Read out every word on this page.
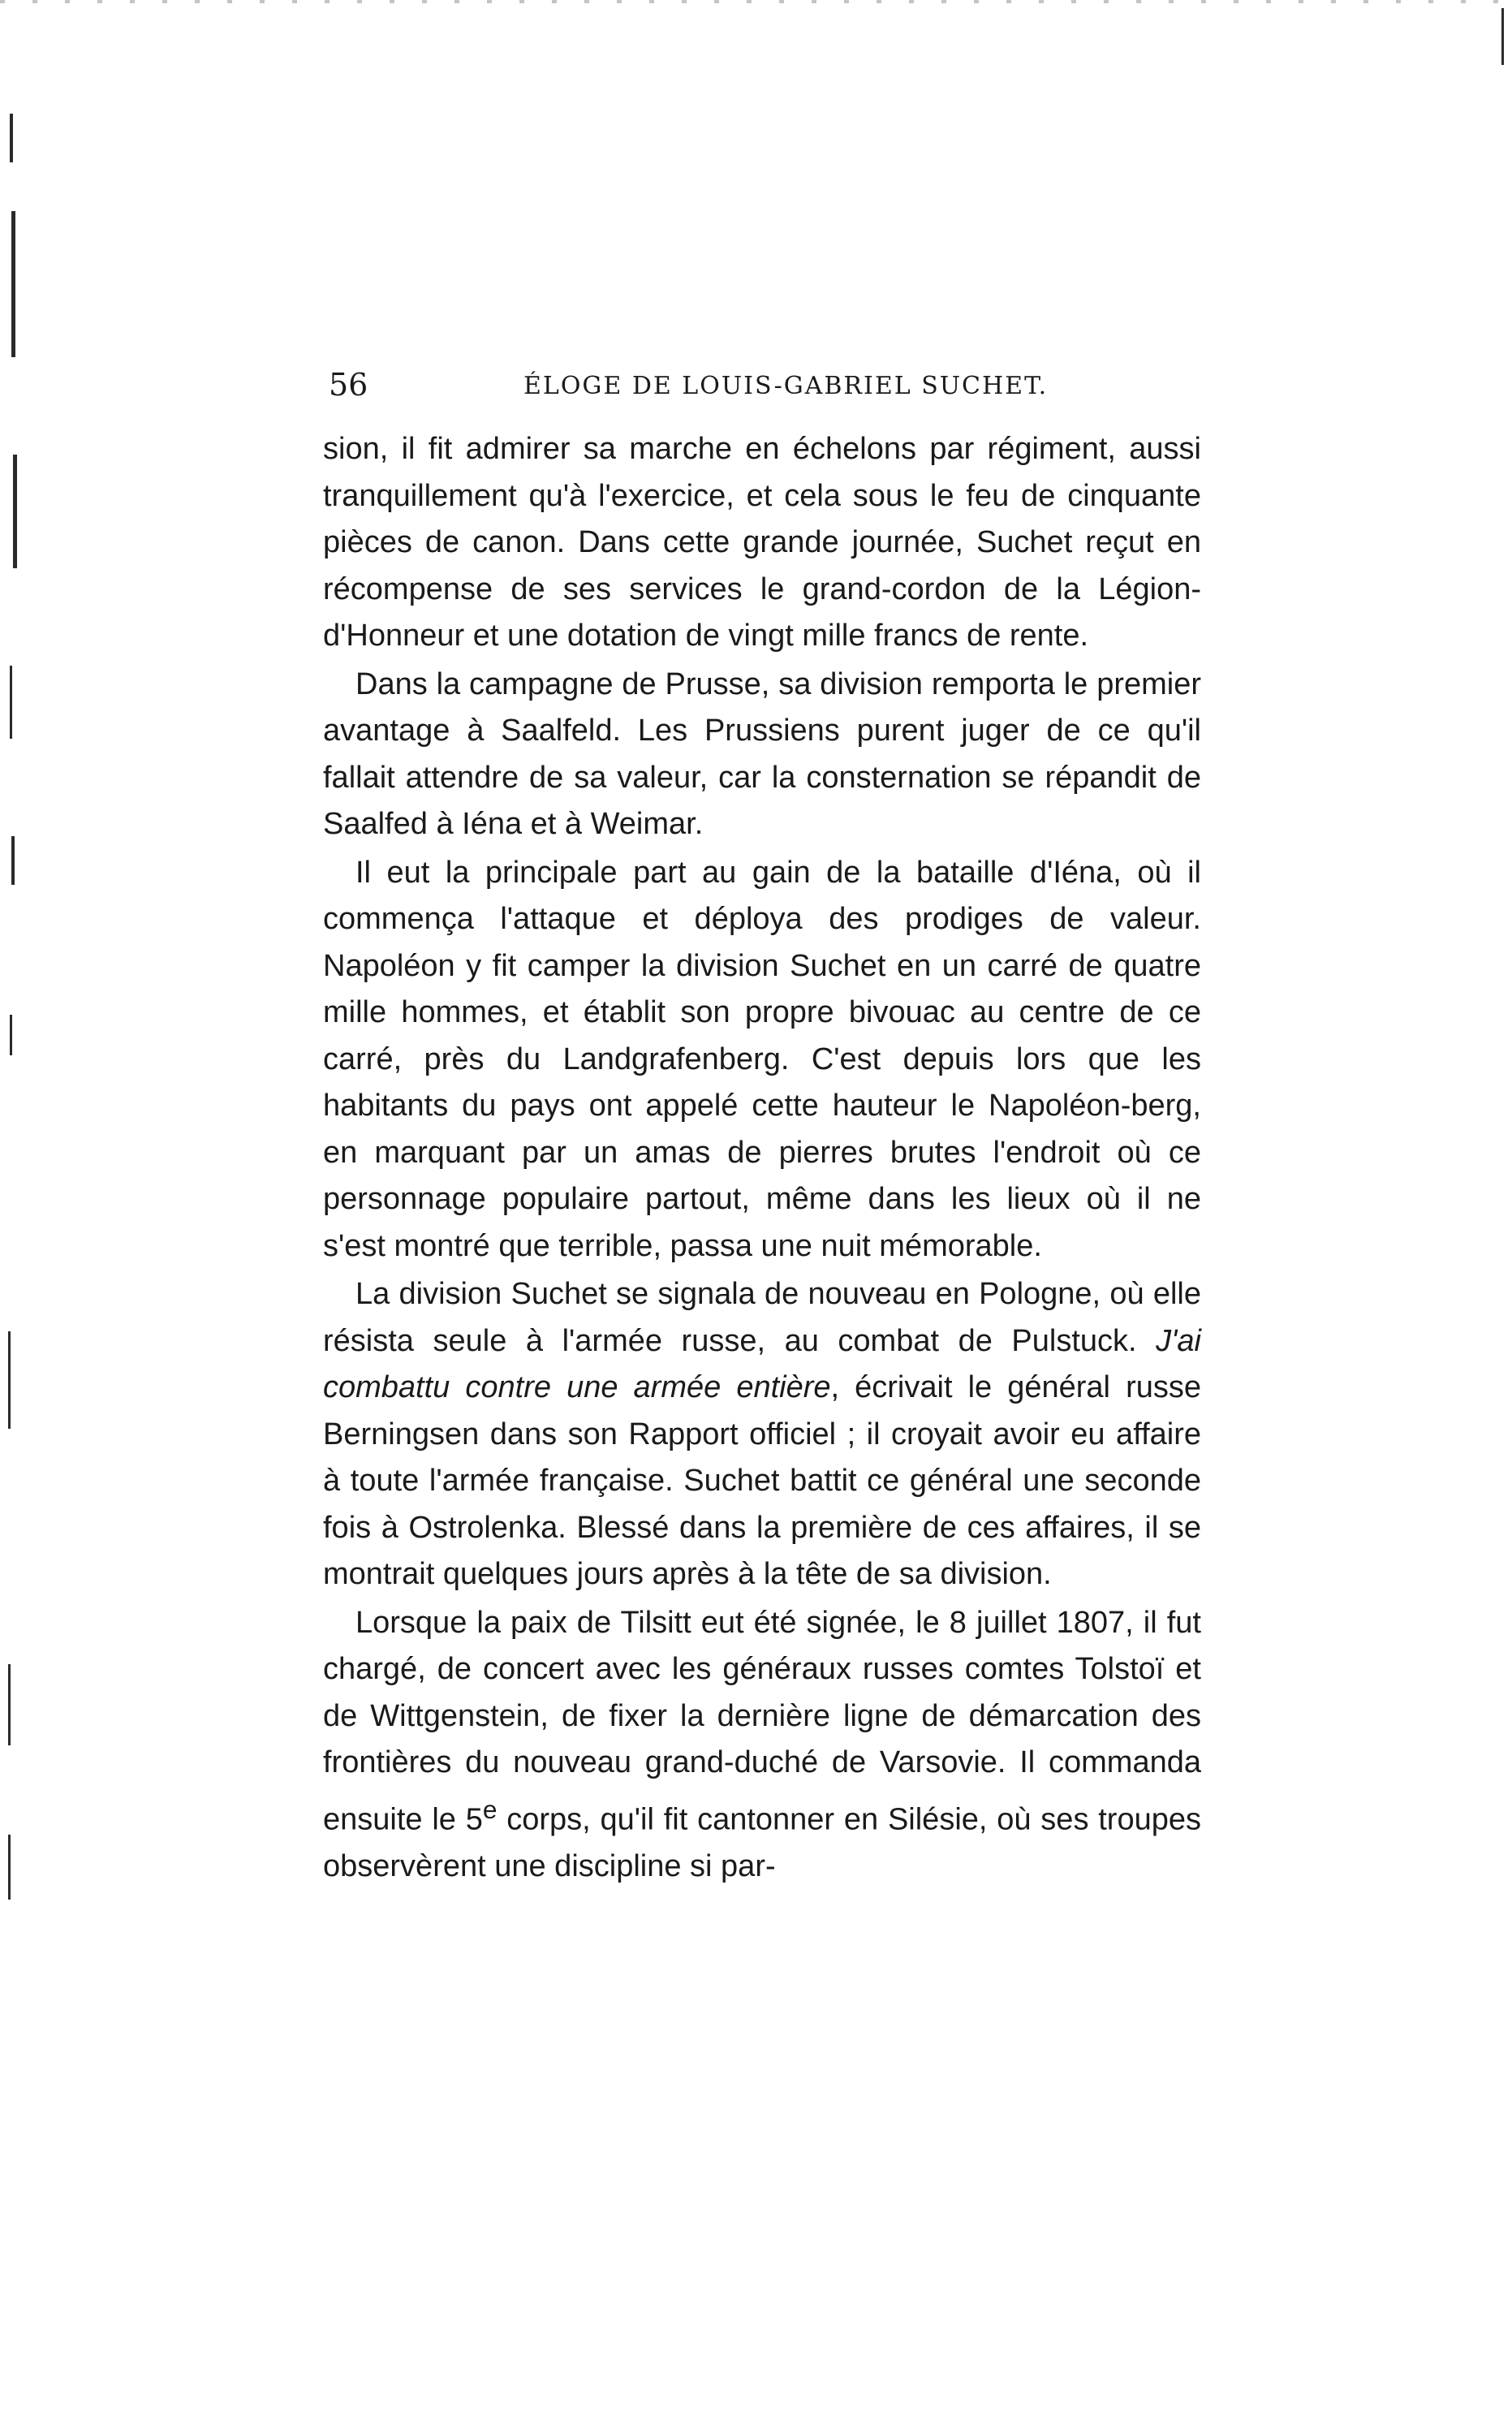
56	ÉLOGE DE LOUIS-GABRIEL SUCHET.

sion, il fit admirer sa marche en échelons par régiment, aussi tranquillement qu'à l'exercice, et cela sous le feu de cinquante pièces de canon. Dans cette grande journée, Suchet reçut en récompense de ses services le grand-cordon de la Légion-d'Honneur et une dotation de vingt mille francs de rente.

Dans la campagne de Prusse, sa division remporta le premier avantage à Saalfeld. Les Prussiens purent juger de ce qu'il fallait attendre de sa valeur, car la consternation se répandit de Saalfed à Iéna et à Weimar.

Il eut la principale part au gain de la bataille d'Iéna, où il commença l'attaque et déploya des prodiges de valeur. Napoléon y fit camper la division Suchet en un carré de quatre mille hommes, et établit son propre bivouac au centre de ce carré, près du Landgrafenberg. C'est depuis lors que les habitants du pays ont appelé cette hauteur le Napoléon-berg, en marquant par un amas de pierres brutes l'endroit où ce personnage populaire partout, même dans les lieux où il ne s'est montré que terrible, passa une nuit mémorable.

La division Suchet se signala de nouveau en Pologne, où elle résista seule à l'armée russe, au combat de Pulstuck. J'ai combattu contre une armée entière, écrivait le général russe Berningsen dans son Rapport officiel ; il croyait avoir eu affaire à toute l'armée française. Suchet battit ce général une seconde fois à Ostrolenka. Blessé dans la première de ces affaires, il se montrait quelques jours après à la tête de sa division.

Lorsque la paix de Tilsitt eut été signée, le 8 juillet 1807, il fut chargé, de concert avec les généraux russes comtes Tolstoï et de Wittgenstein, de fixer la dernière ligne de démarcation des frontières du nouveau grand-duché de Varsovie. Il commanda ensuite le 5e corps, qu'il fit cantonner en Silésie, où ses troupes observèrent une discipline si par-
